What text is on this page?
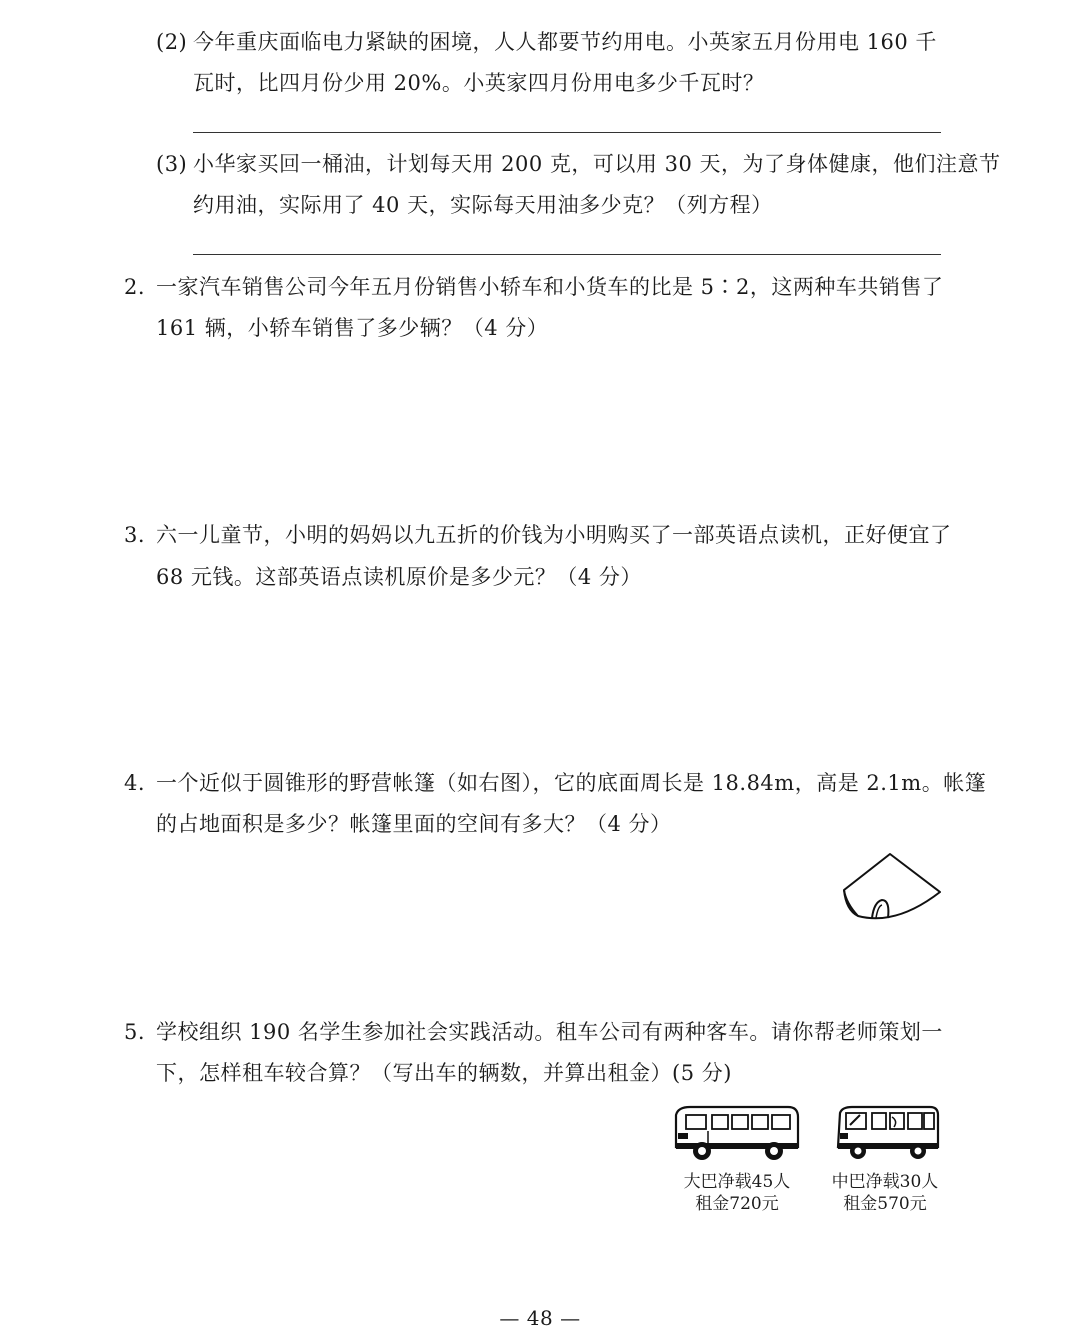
(2) 今年重庆面临电力紧缺的困境，人人都要节约用电。小英家五月份用电 160 千
瓦时，比四月份少用 20%。小英家四月份用电多少千瓦时？
(3) 小华家买回一桶油，计划每天用 200 克，可以用 30 天，为了身体健康，他们注意节
约用油，实际用了 40 天，实际每天用油多少克？（列方程）
2. 一家汽车销售公司今年五月份销售小轿车和小货车的比是 5∶2，这两种车共销售了
161 辆，小轿车销售了多少辆？（4 分）
3. 六一儿童节，小明的妈妈以九五折的价钱为小明购买了一部英语点读机，正好便宜了
68 元钱。这部英语点读机原价是多少元？（4 分）
4. 一个近似于圆锥形的野营帐篷（如右图），它的底面周长是 18.84m，高是 2.1m。帐篷
的占地面积是多少？帐篷里面的空间有多大？（4 分）
5. 学校组织 190 名学生参加社会实践活动。租车公司有两种客车。请你帮老师策划一
下，怎样租车较合算？（写出车的辆数，并算出租金）(5 分)
大巴净载45人
租金720元
中巴净载30人
租金570元
— 48 —
